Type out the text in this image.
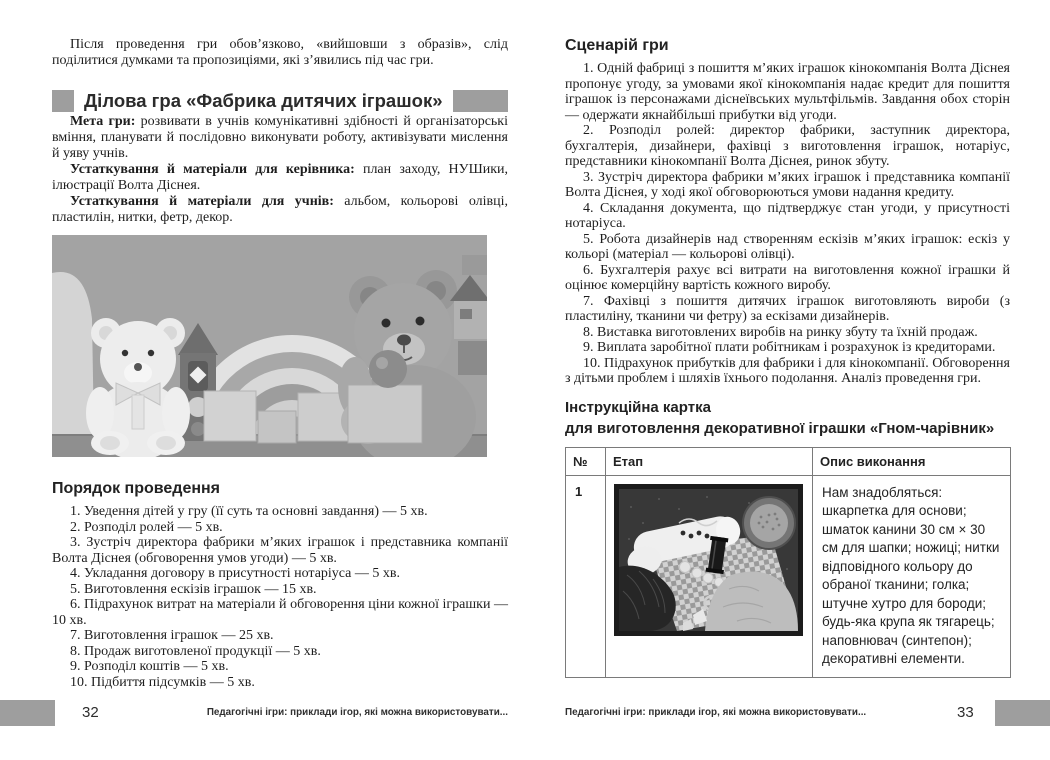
Після проведення гри обов’язково, «вийшовши з образів», слід поділитися думками та пропозиціями, які з’явились під час гри.

Ділова гра «Фабрика дитячих іграшок»

Мета гри: розвивати в учнів комунікативні здібності й організаторські вміння, планувати й послідовно виконувати роботу, активізувати мислення й уяву учнів.

Устаткування й матеріали для керівника: план заходу, НУШики, ілюстрації Волта Діснея.

Устаткування й матеріали для учнів: альбом, кольорові олівці, пластилін, нитки, фетр, декор.

Порядок проведення

1. Уведення дітей у гру (її суть та основні завдання) — 5 хв.

2. Розподіл ролей — 5 хв.

3. Зустріч директора фабрики м’яких іграшок і представника компанії Волта Діснея (обговорення умов угоди) — 5 хв.

4. Укладання договору в присутності нотаріуса — 5 хв.

5. Виготовлення ескізів іграшок — 15 хв.

6. Підрахунок витрат на матеріали й обговорення ціни кожної іграшки — 10 хв.

7. Виготовлення іграшок — 25 хв.

8. Продаж виготовленої продукції — 5 хв.

9. Розподіл коштів — 5 хв.

10. Підбиття підсумків — 5 хв.

Сценарій гри

1. Одній фабриці з пошиття м’яких іграшок кінокомпанія Волта Діснея пропонує угоду, за умовами якої кінокомпанія надає кредит для пошиття іграшок із персонажами діснеївських мультфільмів. Завдання обох сторін — одержати якнайбільші прибутки від угоди.

2. Розподіл ролей: директор фабрики, заступник директора, бухгалтерія, дизайнери, фахівці з виготовлення іграшок, нотаріус, представники кінокомпанії Волта Діснея, ринок збуту.

3. Зустріч директора фабрики м’яких іграшок і представника компанії Волта Діснея, у ході якої обговорюються умови надання кредиту.

4. Складання документа, що підтверджує стан угоди, у присутності нотаріуса.

5. Робота дизайнерів над створенням ескізів м’яких іграшок: ескіз у кольорі (матеріал — кольорові олівці).

6. Бухгалтерія рахує всі витрати на виготовлення кожної іграшки й оцінює комерційну вартість кожного виробу.

7. Фахівці з пошиття дитячих іграшок виготовляють вироби (з пластиліну, тканини чи фетру) за ескізами дизайнерів.

8. Виставка виготовлених виробів на ринку збуту та їхній продаж.

9. Виплата заробітної плати робітникам і розрахунок із кредиторами.

10. Підрахунок прибутків для фабрики і для кінокомпанії. Обговорення з дітьми проблем і шляхів їхнього подолання. Аналіз проведення гри.

Інструкційна картка
для виготовлення декоративної іграшки «Гном-чарівник»
№	Етап	Опис виконання
1		Нам знадобляться: шкарпетка для основи; шматок канини 30 см × 30 см для шапки; ножиці; нитки відповідного кольору до обраної тканини; голка; штучне хутро для бороди; будь-яка крупа як тягарець; наповнювач (синтепон); декоративні елементи.
32	Педагогічні ігри: приклади ігор, які можна використовувати...	Педагогічні ігри: приклади ігор, які можна використовувати...	33
